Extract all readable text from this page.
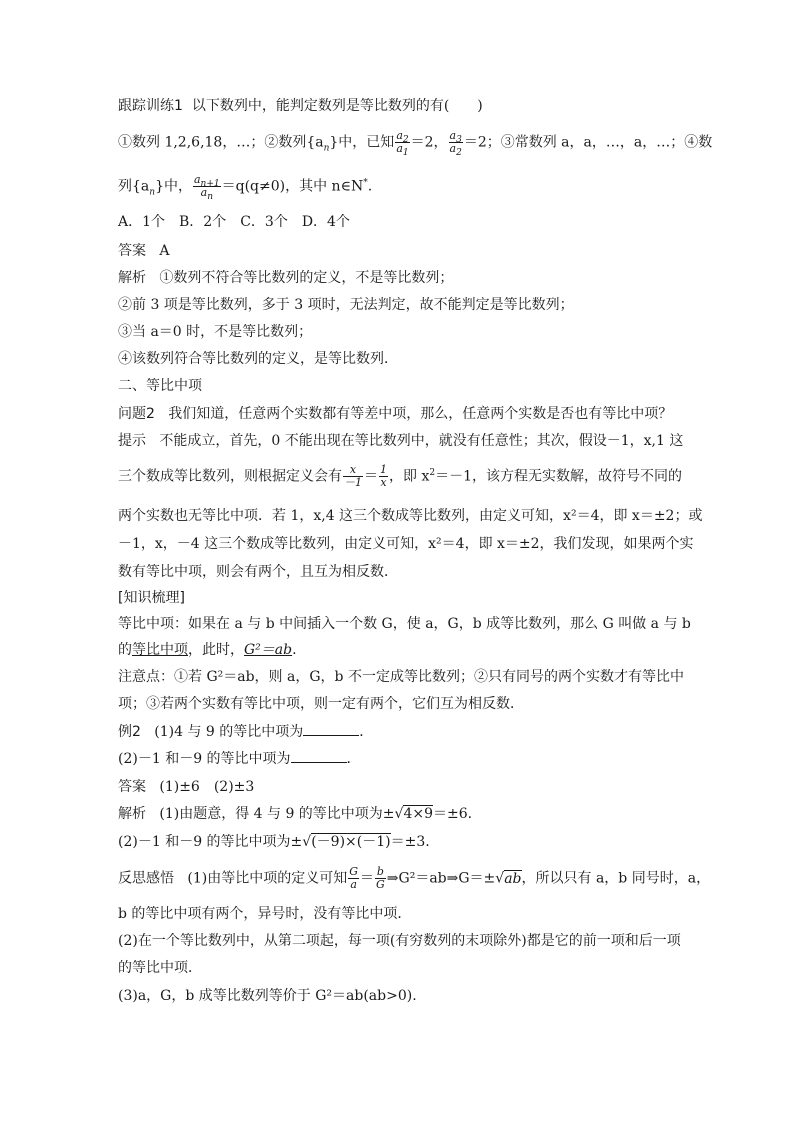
跟踪训练1 以下数列中，能判定数列是等比数列的有(　　)
①数列 1,2,6,18，…；②数列$\{a_n\}$中，已知 $\frac{a_2}{a_1} =2$， $\frac{a_3}{a_2} =2$；③常数列 a，a，…，a，…；④数
列$\{a_n\}$中， $\frac{a_{n+1}}{a_n} =q(q\ne 0)$，其中 n∈N*.
A．1个　B．2个　C．3个　D．4个
答案 A
解析 ①数列不符合等比数列的定义，不是等比数列；
②前 3 项是等比数列，多于 3 项时，无法判定，故不能判定是等比数列；
③当 a＝0 时，不是等比数列；
④该数列符合等比数列的定义，是等比数列．
二、等比中项
问题2 我们知道，任意两个实数都有等差中项，那么，任意两个实数是否也有等比中项？
提示 不能成立，首先，0 不能出现在等比数列中，就没有任意性；其次，假设－1，x,1 这
三个数成等比数列，则根据定义会有 $\frac{x}{-1} = \frac{1}{x}$ ，即 $x^2=-1$，该方程无实数解，故符号不同的
两个实数也无等比中项．若 1，x,4 这三个数成等比数列，由定义可知，x²＝4，即 x＝±2；或
－1，x，－4 这三个数成等比数列，由定义可知，x²＝4，即 x＝±2，我们发现，如果两个实
数有等比中项，则会有两个，且互为相反数．
[知识梳理]
等比中项：如果在 a 与 b 中间插入一个数 G，使 a，G，b 成等比数列，那么 G 叫做 a 与 b
的等比中项，此时，G²＝ab.
注意点：①若 G²＝ab，则 a，G，b 不一定成等比数列；②只有同号的两个实数才有等比中
项；③若两个实数有等比中项，则一定有两个，它们互为相反数．
例2 (1)4 与 9 的等比中项为	．
(2)－1 和－9 的等比中项为	．
答案 (1)±6　(2)±3
解析 (1)由题意，得 4 与 9 的等比中项为±√4×9＝±6.
(2)－1 和－9 的等比中项为±√(－9)×(－1)＝±3.
反思感悟 (1)由等比中项的定义可知 $\frac{G}{a} = \frac{b}{G}$ ⇒G²＝ab⇒G＝±√ab，所以只有 a，b 同号时，a，
b 的等比中项有两个，异号时，没有等比中项．
(2)在一个等比数列中，从第二项起，每一项(有穷数列的末项除外)都是它的前一项和后一项
的等比中项．
(3)a，G，b 成等比数列等价于 G²＝ab(ab>0).
